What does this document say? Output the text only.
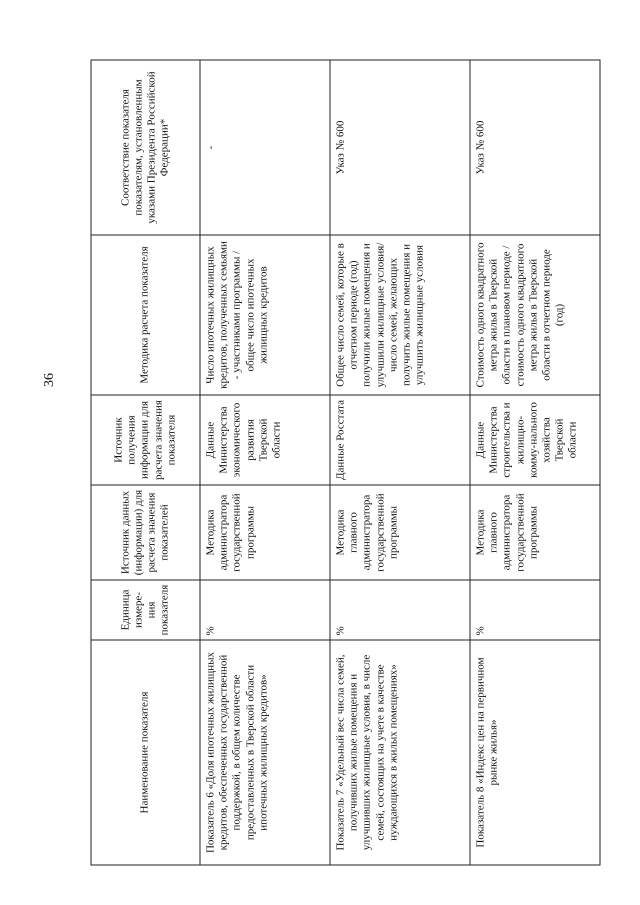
36
Наименование показателя	Единица измере-ния показателя	Источник данных (информации) для расчета значения показателей	Источник получения информации для расчета значения показателя	Методика расчета показателя	Соответствие показателя показателям, установленным указами Президента Российской Федерации*
Показатель 6 «Доля ипотечных жилищных кредитов, обеспеченных государственной поддержкой, в общем количестве предоставленных в Тверской области ипотечных жилищных кредитов»	%	Методика администратора государственной программы	Данные Министерства экономического развития Тверской области	Число ипотечных жилищных кредитов, полученных семьями - участниками программы / общее число ипотечных жилищных кредитов	-
Показатель 7 «Удельный вес числа семей, получивших жилые помещения и улучшивших жилищные условия, в числе семей, состоящих на учете в качестве нуждающихся в жилых помещениях»	%	Методика главного администратора государственной программы	Данные Росстата	Общее число семей, которые в отчетном периоде (год) получили жилые помещения и улучшили жилищные условия/число семей, желающих получить жилые помещения и улучшить жилищные условия	Указ № 600
Показатель 8 «Индекс цен на первичном рынке жилья»	%	Методика главного администратора государственной программы	Данные Министерства строительства и жилищно-комму-нального хозяйства Тверской области	Стоимость одного квадратного метра жилья в Тверской области в плановом периоде / стоимость одного квадратного метра жилья в Тверской области в отчетном периоде (год)	Указ № 600
